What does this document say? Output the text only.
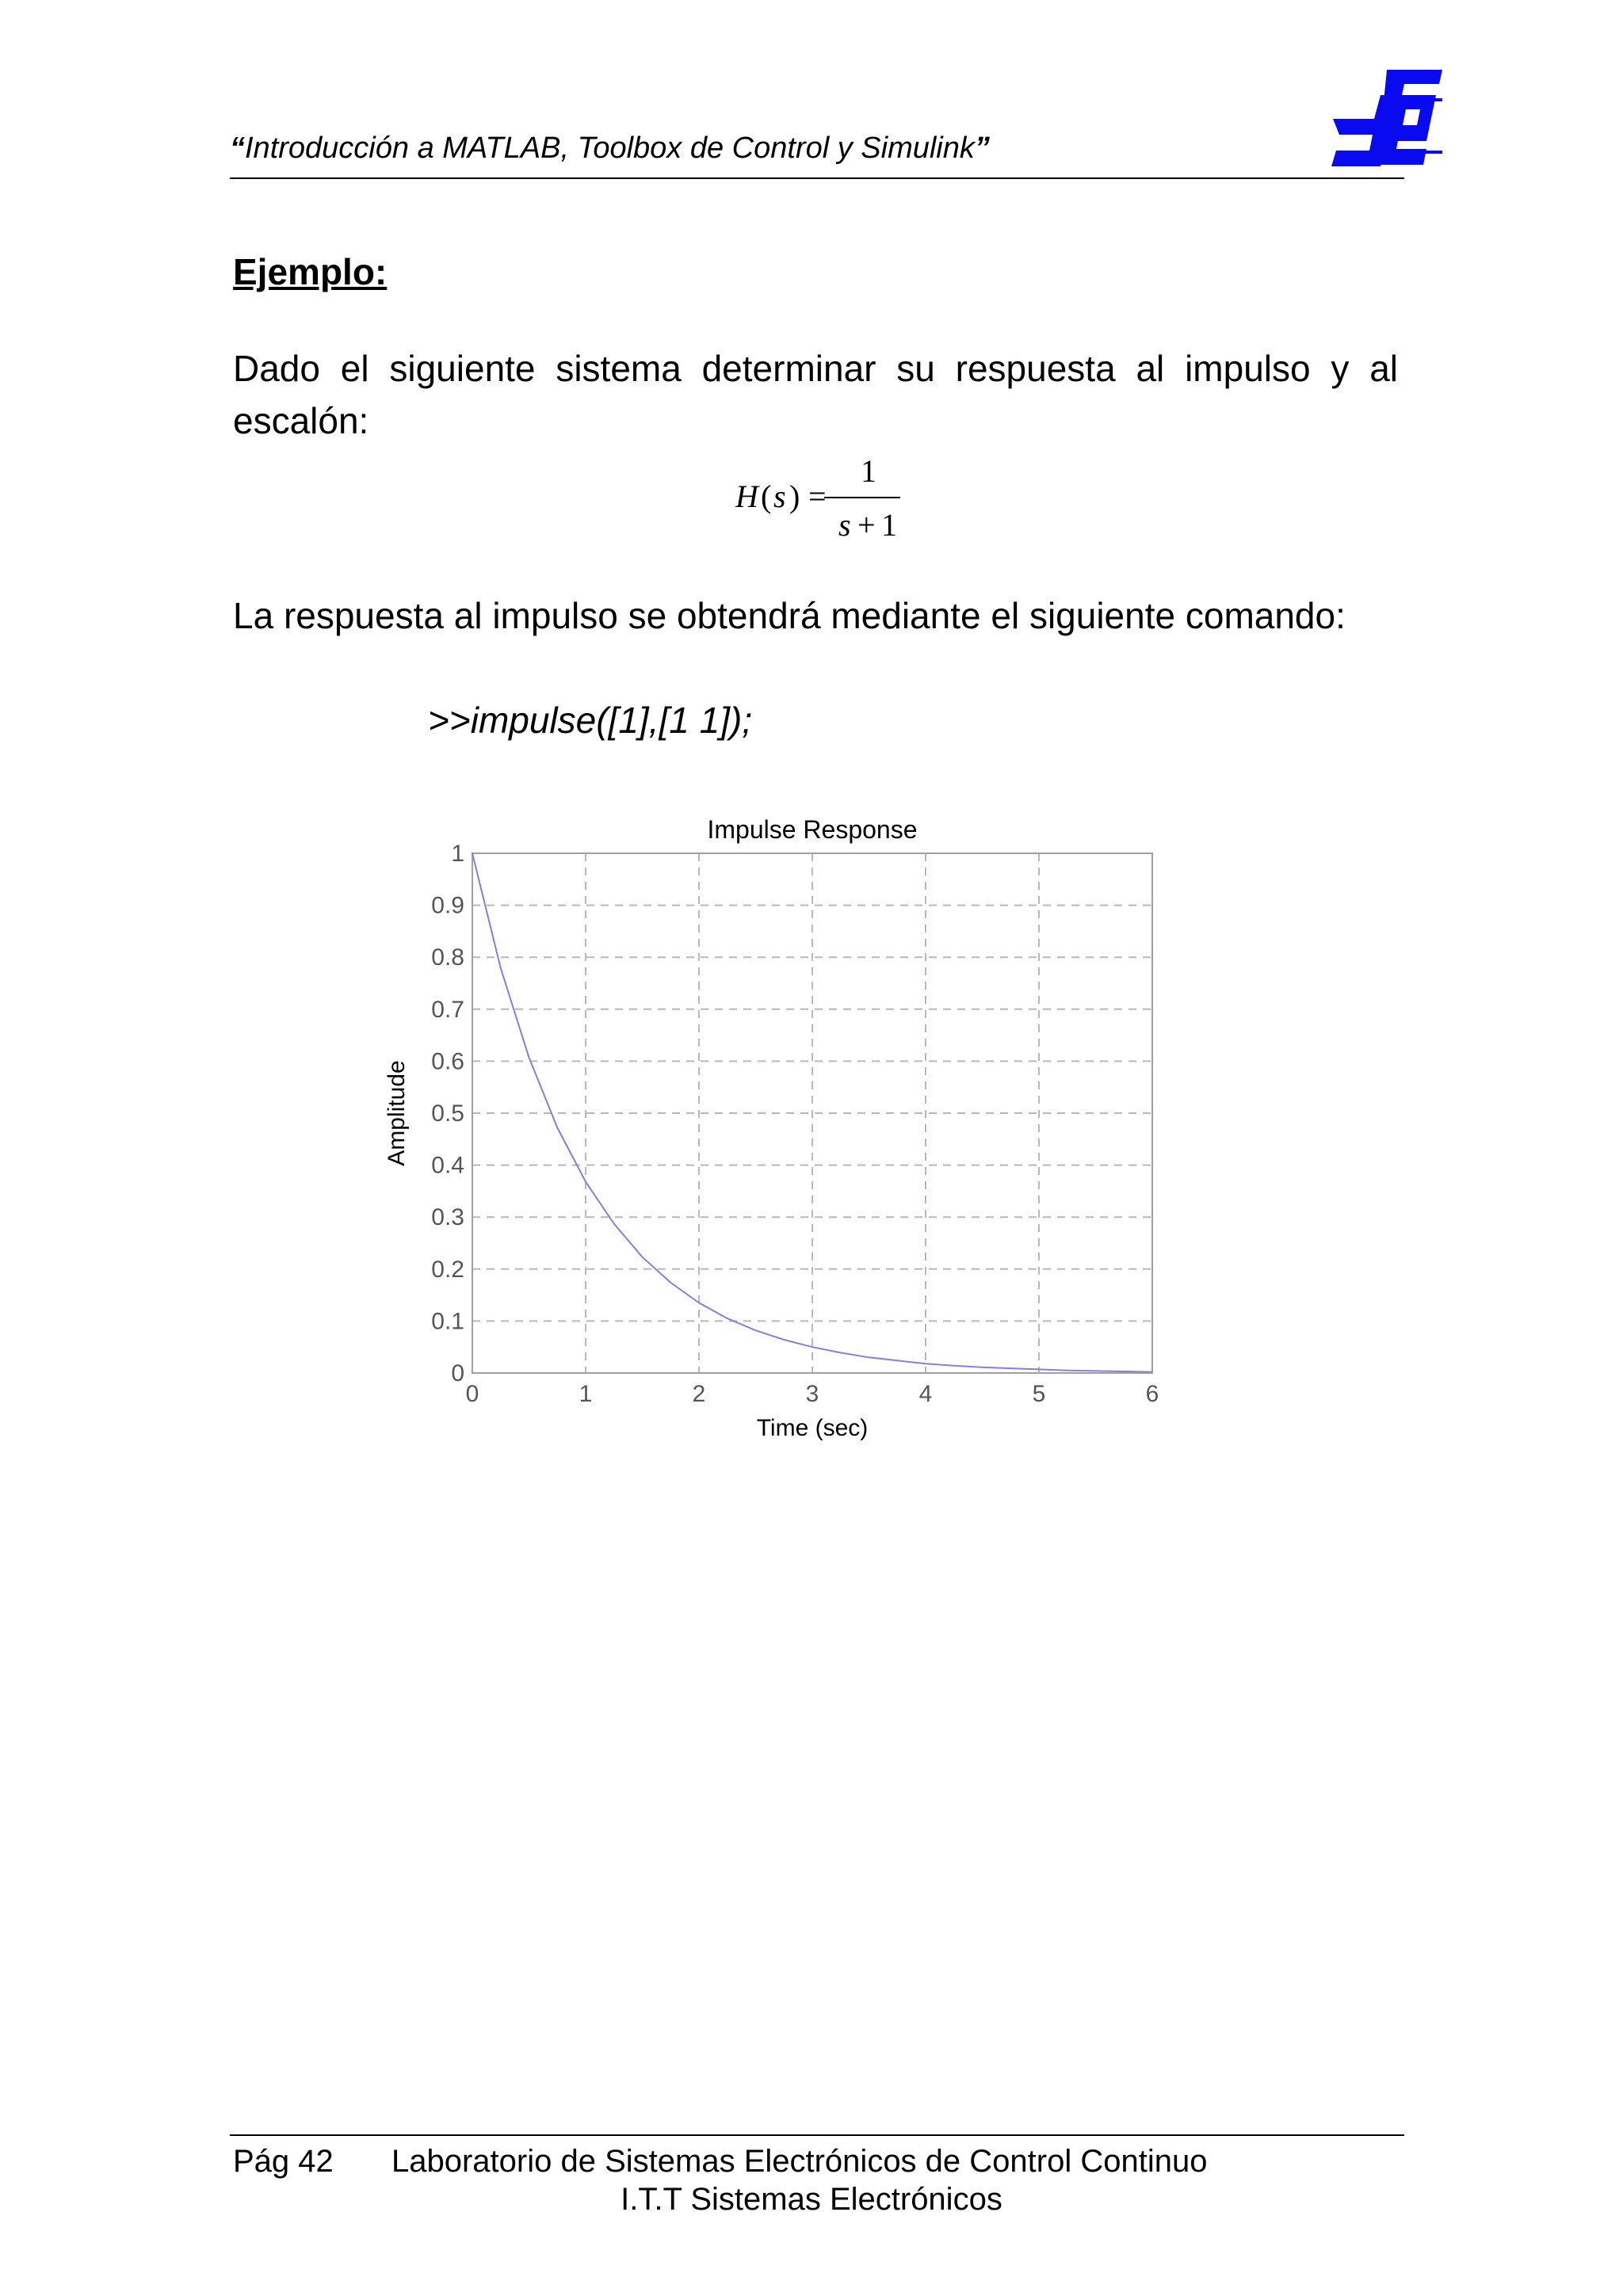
“Introducción a MATLAB, Toolbox de Control y Simulink”
Ejemplo:
Dado el siguiente sistema determinar su respuesta al impulso y al escalón:
H ( s ) =
1
s + 1
La respuesta al impulso se obtendrá mediante el siguiente comando:
>>impulse([1],[1 1]);
Impulse Response
0	1	2	3	4	5	6
0
0.1
0.2
0.3
0.4
0.5
0.6
0.7
0.8
0.9
1
Time (sec)
Amplitude
Pág 42 Laboratorio de Sistemas Electrónicos de Control Continuo
I.T.T Sistemas Electrónicos
